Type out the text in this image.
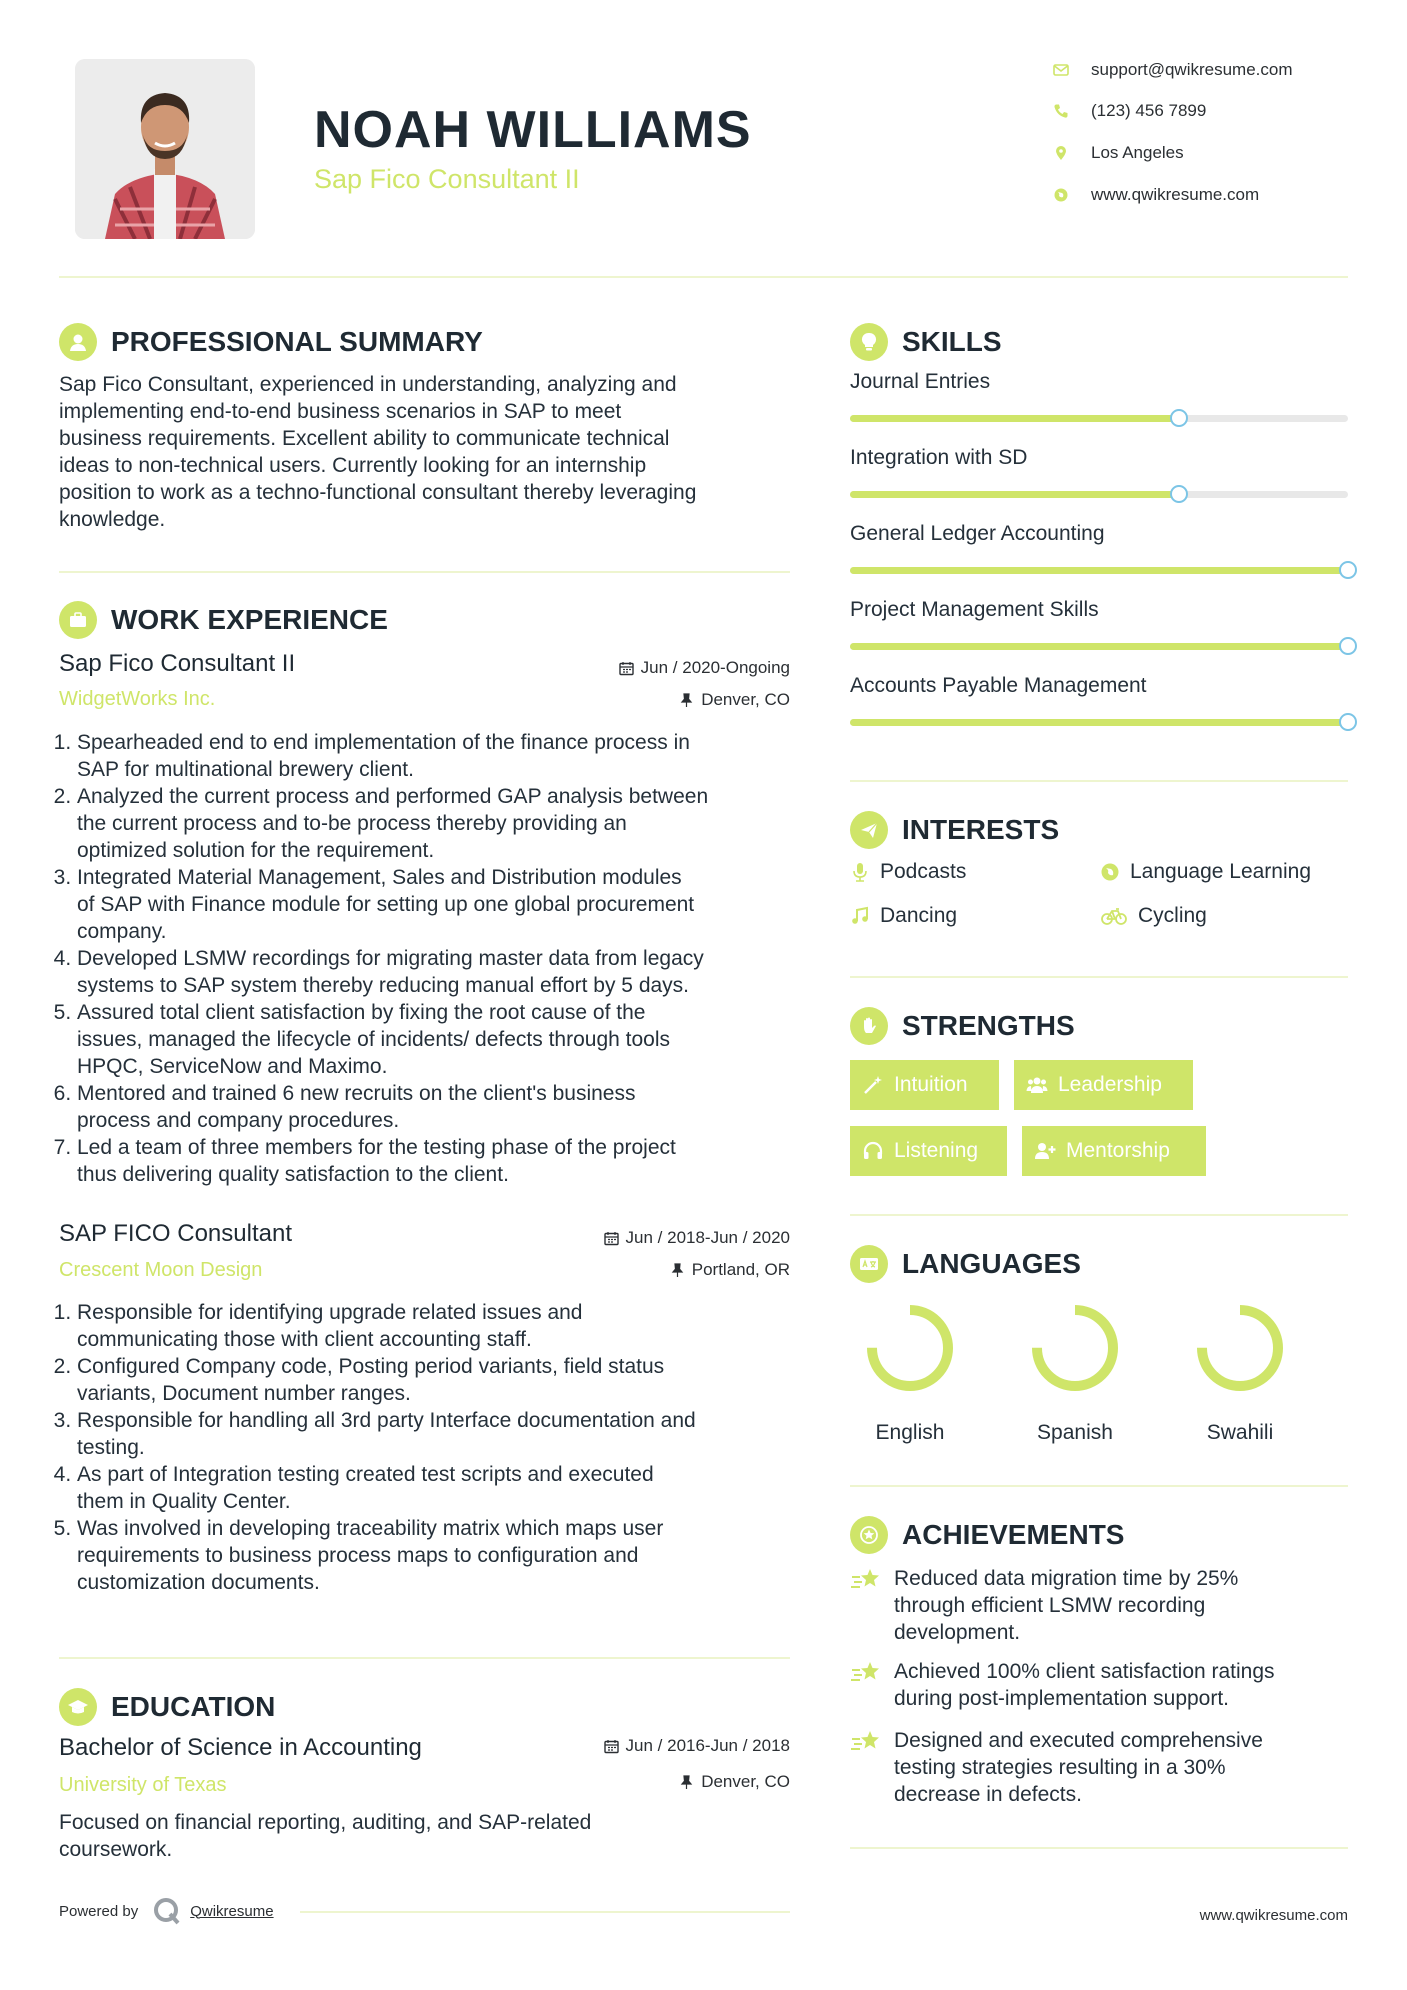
NOAH WILLIAMS
Sap Fico Consultant II
support@qwikresume.com
(123) 456 7899
Los Angeles
www.qwikresume.com
PROFESSIONAL SUMMARY
Sap Fico Consultant, experienced in understanding, analyzing and
implementing end-to-end business scenarios in SAP to meet
business requirements. Excellent ability to communicate technical
ideas to non-technical users. Currently looking for an internship
position to work as a techno-functional consultant thereby leveraging
knowledge.
WORK EXPERIENCE
Sap Fico Consultant II
WidgetWorks Inc.
Jun / 2020-Ongoing
Denver, CO
1. Spearheaded end to end implementation of the finance process in
SAP for multinational brewery client.
2. Analyzed the current process and performed GAP analysis between
the current process and to-be process thereby providing an
optimized solution for the requirement.
3. Integrated Material Management, Sales and Distribution modules
of SAP with Finance module for setting up one global procurement
company.
4. Developed LSMW recordings for migrating master data from legacy
systems to SAP system thereby reducing manual effort by 5 days.
5. Assured total client satisfaction by fixing the root cause of the
issues, managed the lifecycle of incidents/ defects through tools
HPQC, ServiceNow and Maximo.
6. Mentored and trained 6 new recruits on the client's business
process and company procedures.
7. Led a team of three members for the testing phase of the project
thus delivering quality satisfaction to the client.
SAP FICO Consultant
Crescent Moon Design
Jun / 2018-Jun / 2020
Portland, OR
1. Responsible for identifying upgrade related issues and
communicating those with client accounting staff.
2. Configured Company code, Posting period variants, field status
variants, Document number ranges.
3. Responsible for handling all 3rd party Interface documentation and
testing.
4. As part of Integration testing created test scripts and executed
them in Quality Center.
5. Was involved in developing traceability matrix which maps user
requirements to business process maps to configuration and
customization documents.
EDUCATION
Bachelor of Science in Accounting
University of Texas
Jun / 2016-Jun / 2018
Denver, CO
Focused on financial reporting, auditing, and SAP-related
coursework.
Powered by	Qwikresume	www.qwikresume.com
SKILLS
Journal Entries
Integration with SD
General Ledger Accounting
Project Management Skills
Accounts Payable Management
INTERESTS
Podcasts	Language Learning
Dancing	Cycling
STRENGTHS
Intuition	Leadership
Listening	Mentorship
LANGUAGES
English	Spanish	Swahili
ACHIEVEMENTS
Reduced data migration time by 25%
through efficient LSMW recording
development.
Achieved 100% client satisfaction ratings
during post-implementation support.
Designed and executed comprehensive
testing strategies resulting in a 30%
decrease in defects.
